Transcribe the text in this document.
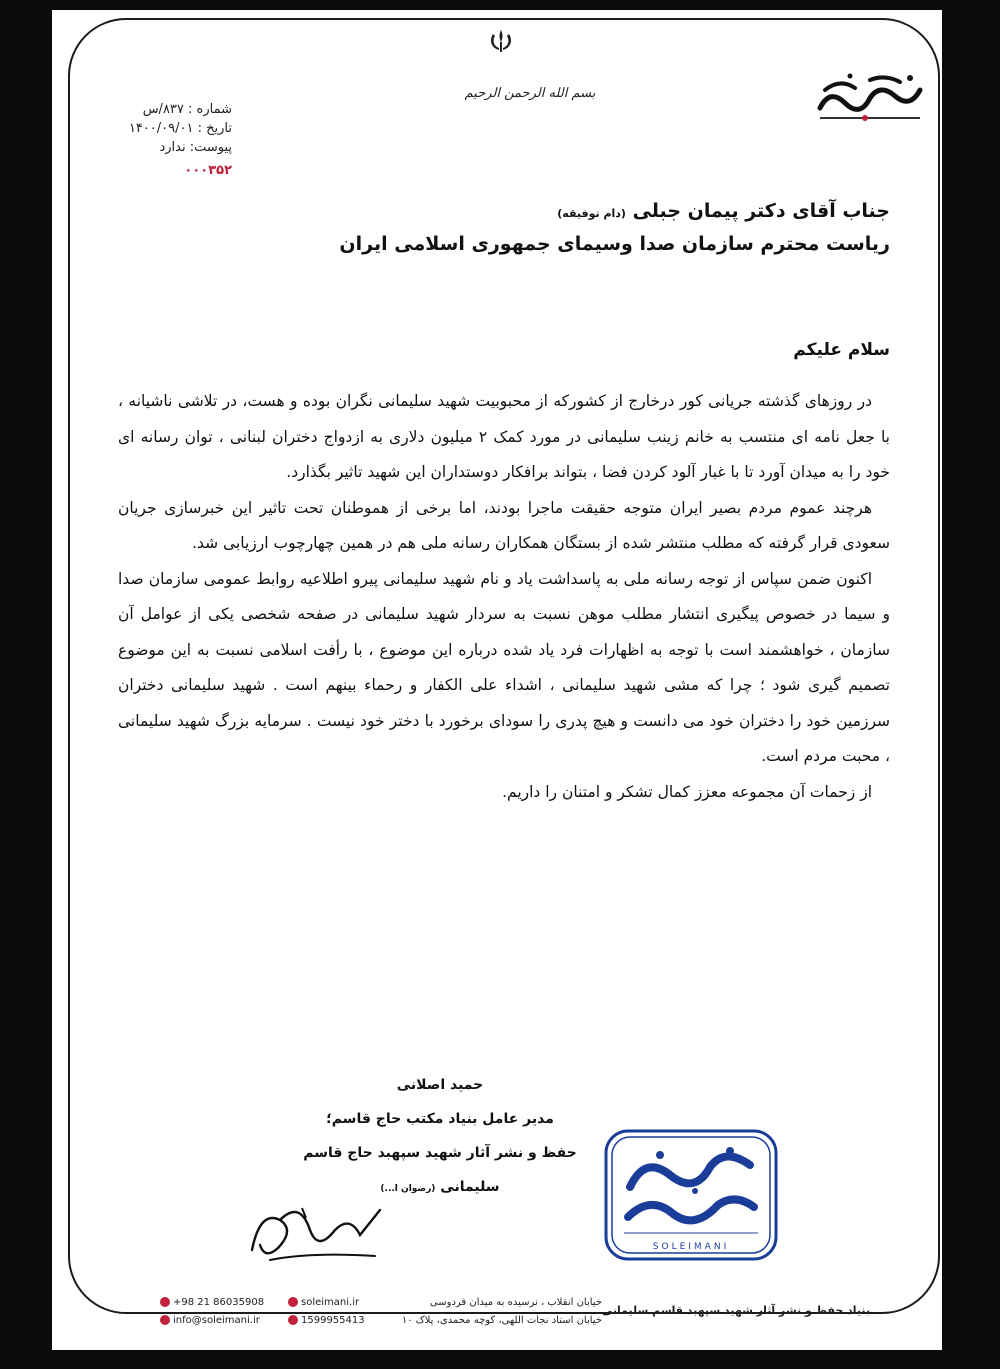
بسم الله الرحمن الرحیم
شماره : ۸۳۷/س
تاریخ : ۱۴۰۰/۰۹/۰۱
پیوست: ندارد
۰۰۰۳۵۲
جناب آقای دکتر پیمان جبلی (دام توفیقه)
ریاست محترم سازمان صدا وسیمای جمهوری اسلامی ایران
سلام علیکم

در روزهای گذشته جریانی کور درخارج از کشورکه از محبوبیت شهید سلیمانی نگران بوده و هست، در تلاشی ناشیانه ، با جعل نامه ای منتسب به خانم زینب سلیمانی در مورد کمک ۲ میلیون دلاری به ازدواج دختران لبنانی ، توان رسانه ای خود را به میدان آورد تا با غبار آلود کردن فضا ، بتواند برافکار دوستداران این شهید تاثیر بگذارد.

هرچند عموم مردم بصیر ایران متوجه حقیقت ماجرا بودند، اما برخی از هموطنان تحت تاثیر این خبرسازی جریان سعودی قرار گرفته که مطلب منتشر شده از بستگان همکاران رسانه ملی هم در همین چهارچوب ارزیابی شد.

اکنون ضمن سپاس از توجه رسانه ملی به پاسداشت یاد و نام شهید سلیمانی پیرو اطلاعیه روابط عمومی سازمان صدا و سیما در خصوص پیگیری انتشار مطلب موهن نسبت به سردار شهید سلیمانی در صفحه شخصی یکی از عوامل آن سازمان ، خواهشمند است با توجه به اظهارات فرد یاد شده درباره این موضوع ، با رأفت اسلامی نسبت به این موضوع تصمیم گیری شود ؛ چرا که مشی شهید سلیمانی ، اشداء علی الکفار و رحماء بینهم است . شهید سلیمانی دختران سرزمین خود را دختران خود می دانست و هیچ پدری را سودای برخورد با دختر خود نیست . سرمایه بزرگ شهید سلیمانی ، محبت مردم است.

از زحمات آن مجموعه معزز کمال تشکر و امتنان را داریم.

حمید اصلانی
مدیر عامل بنیاد مکتب حاج قاسم؛
حفظ و نشر آثار شهید سپهبد حاج قاسم سلیمانی (رضوان ا...)
SOLEIMANI
+98 21 86035908
info@soleimani.ir
soleimani.ir
1599955413
خیابان انقلاب ، نرسیده به میدان فردوسی
خیابان استاد نجات اللهی، کوچه محمدی، پلاک ۱۰
بنیاد حفظ و نشر آثار شهید سپهبد قاسم سلیمانی
